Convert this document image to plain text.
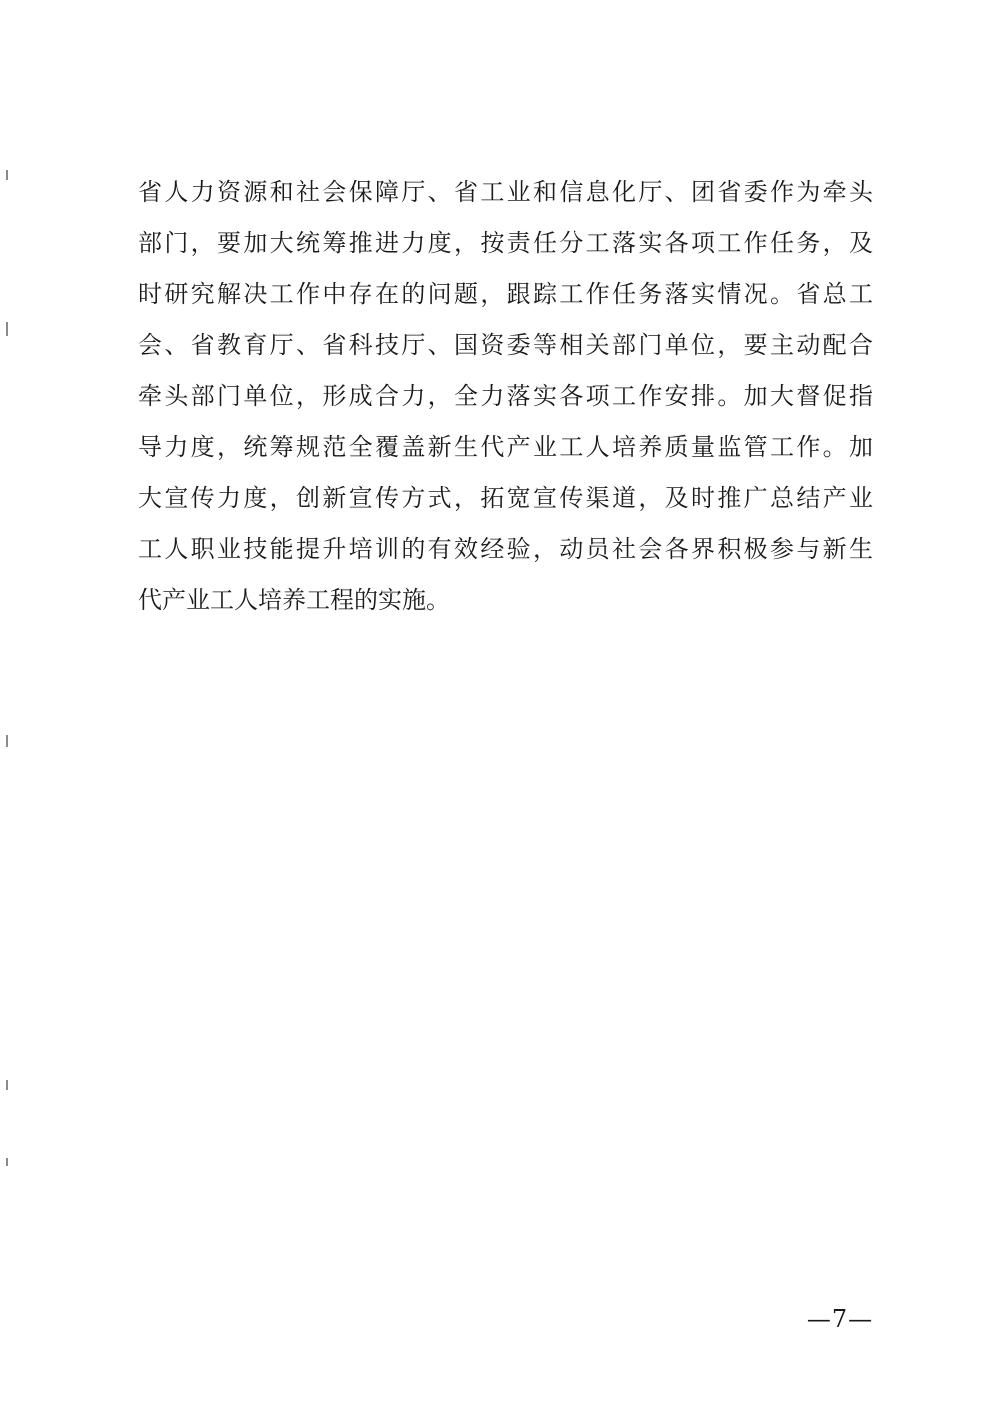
省人力资源和社会保障厅、省工业和信息化厅、团省委作为牵头
部门，要加大统筹推进力度，按责任分工落实各项工作任务，及
时研究解决工作中存在的问题，跟踪工作任务落实情况。省总工
会、省教育厅、省科技厅、国资委等相关部门单位，要主动配合
牵头部门单位，形成合力，全力落实各项工作安排。加大督促指
导力度，统筹规范全覆盖新生代产业工人培养质量监管工作。加
大宣传力度，创新宣传方式，拓宽宣传渠道，及时推广总结产业
工人职业技能提升培训的有效经验，动员社会各界积极参与新生
代产业工人培养工程的实施。
—7—
